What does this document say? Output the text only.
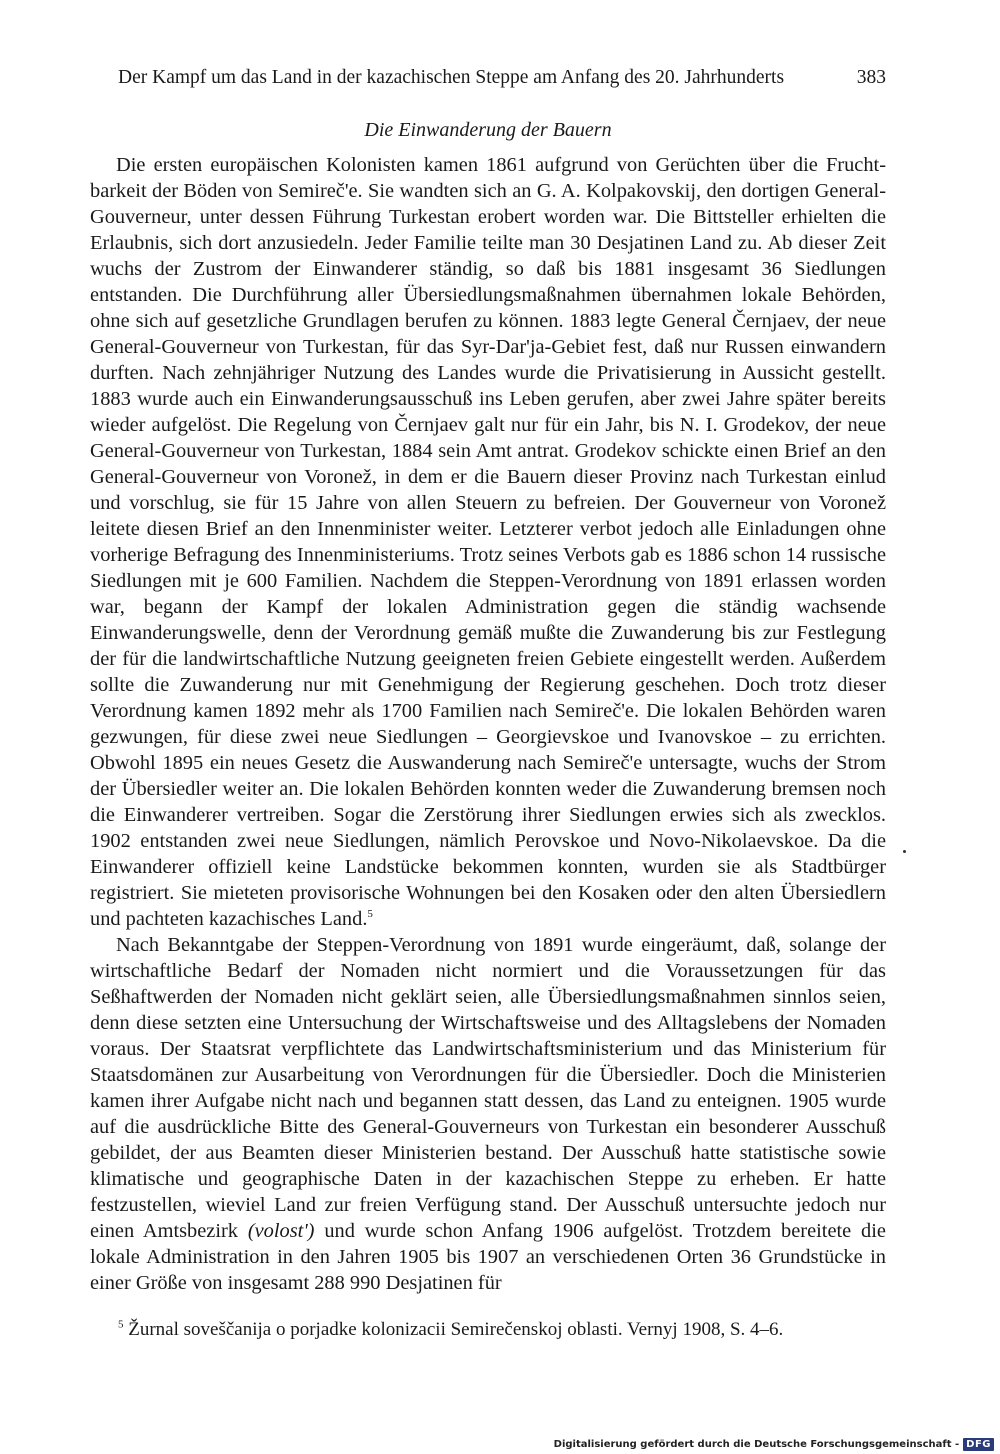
Der Kampf um das Land in der kazachischen Steppe am Anfang des 20. Jahrhunderts	383
Die Einwanderung der Bauern

Die ersten europäischen Kolonisten kamen 1861 aufgrund von Gerüchten über die Fruchtbarkeit der Böden von Semireč'e. Sie wandten sich an G. A. Kolpakovskij, den dortigen General-Gouverneur, unter dessen Führung Turkestan erobert worden war. Die Bittsteller erhielten die Erlaubnis, sich dort anzusiedeln. Jeder Familie teilte man 30 Desjatinen Land zu. Ab dieser Zeit wuchs der Zustrom der Einwanderer ständig, so daß bis 1881 insgesamt 36 Siedlungen entstanden. Die Durchführung aller Übersiedlungsmaßnahmen übernahmen lokale Behörden, ohne sich auf gesetzliche Grundlagen berufen zu können. 1883 legte General Černjaev, der neue General-Gouverneur von Turkestan, für das Syr-Dar'ja-Gebiet fest, daß nur Russen einwandern durften. Nach zehnjähriger Nutzung des Landes wurde die Privatisierung in Aussicht gestellt. 1883 wurde auch ein Einwanderungsausschuß ins Leben gerufen, aber zwei Jahre später bereits wieder aufgelöst. Die Regelung von Černjaev galt nur für ein Jahr, bis N. I. Grodekov, der neue General-Gouverneur von Turkestan, 1884 sein Amt antrat. Grodekov schickte einen Brief an den General-Gouverneur von Voronež, in dem er die Bauern dieser Provinz nach Turkestan einlud und vorschlug, sie für 15 Jahre von allen Steuern zu befreien. Der Gouverneur von Voronež leitete diesen Brief an den Innenminister weiter. Letzterer verbot jedoch alle Einladungen ohne vorherige Befragung des Innenministeriums. Trotz seines Verbots gab es 1886 schon 14 russische Siedlungen mit je 600 Familien. Nachdem die Steppen-Verordnung von 1891 erlassen worden war, begann der Kampf der lokalen Administration gegen die ständig wachsende Einwanderungswelle, denn der Verordnung gemäß mußte die Zuwanderung bis zur Festlegung der für die landwirtschaftliche Nutzung geeigneten freien Gebiete eingestellt werden. Außerdem sollte die Zuwanderung nur mit Genehmigung der Regierung geschehen. Doch trotz dieser Verordnung kamen 1892 mehr als 1700 Familien nach Semireč'e. Die lokalen Behörden waren gezwungen, für diese zwei neue Siedlungen – Georgievskoe und Ivanovskoe – zu errichten. Obwohl 1895 ein neues Gesetz die Auswanderung nach Semireč'e untersagte, wuchs der Strom der Übersiedler weiter an. Die lokalen Behörden konnten weder die Zuwanderung bremsen noch die Einwanderer vertreiben. Sogar die Zerstörung ihrer Siedlungen erwies sich als zwecklos. 1902 entstanden zwei neue Siedlungen, nämlich Perovskoe und Novo-Nikolaevskoe. Da die Einwanderer offiziell keine Landstücke bekommen konnten, wurden sie als Stadtbürger registriert. Sie mieteten provisorische Wohnungen bei den Kosaken oder den alten Übersiedlern und pachteten kazachisches Land.$^5$

Nach Bekanntgabe der Steppen-Verordnung von 1891 wurde eingeräumt, daß, solange der wirtschaftliche Bedarf der Nomaden nicht normiert und die Voraussetzungen für das Seßhaftwerden der Nomaden nicht geklärt seien, alle Übersiedlungsmaßnahmen sinnlos seien, denn diese setzten eine Untersuchung der Wirtschaftsweise und des Alltagslebens der Nomaden voraus. Der Staatsrat verpflichtete das Landwirtschaftsministerium und das Ministerium für Staatsdomänen zur Ausarbeitung von Verordnungen für die Übersiedler. Doch die Ministerien kamen ihrer Aufgabe nicht nach und begannen statt dessen, das Land zu enteignen. 1905 wurde auf die ausdrückliche Bitte des General-Gouverneurs von Turkestan ein besonderer Ausschuß gebildet, der aus Beamten dieser Ministerien bestand. Der Ausschuß hatte statistische sowie klimatische und geographische Daten in der kazachischen Steppe zu erheben. Er hatte festzustellen, wieviel Land zur freien Verfügung stand. Der Ausschuß untersuchte jedoch nur einen Amtsbezirk (volost') und wurde schon Anfang 1906 aufgelöst. Trotzdem bereitete die lokale Administration in den Jahren 1905 bis 1907 an verschiedenen Orten 36 Grundstücke in einer Größe von insgesamt 288 990 Desjatinen für

$^5$ Žurnal soveščanija o porjadke kolonizacii Semirečenskoj oblasti. Vernyj 1908, S. 4–6.
Digitalisierung gefördert durch die Deutsche Forschungsgemeinschaft - DFG
